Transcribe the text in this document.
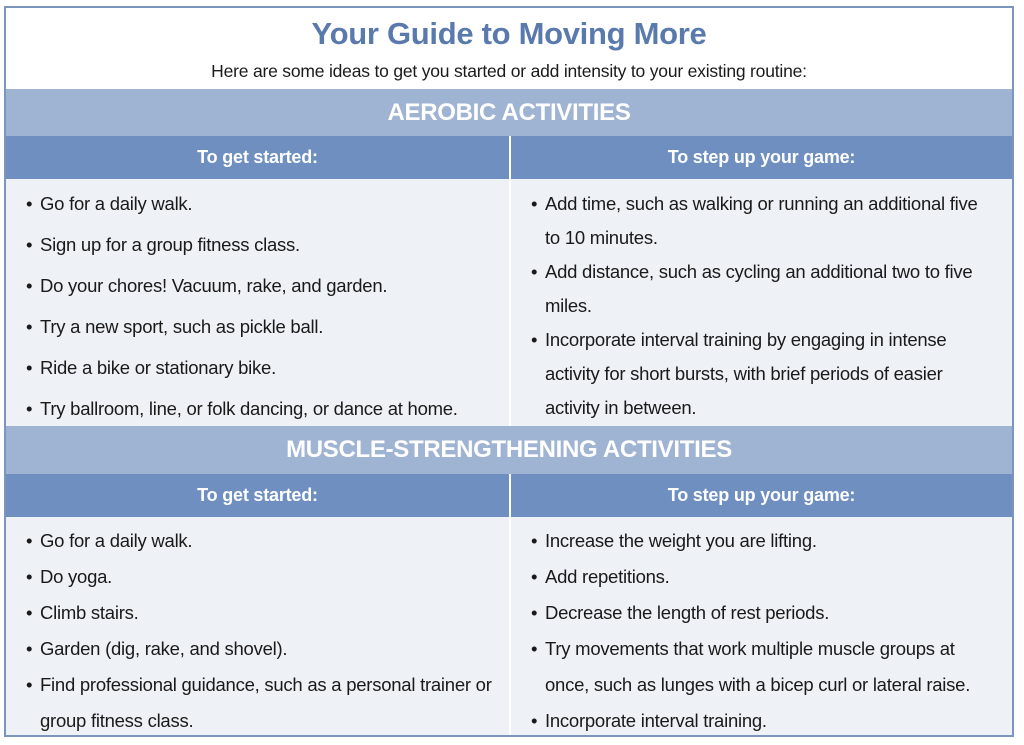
Your Guide to Moving More
Here are some ideas to get you started or add intensity to your existing routine:
AEROBIC ACTIVITIES
To get started:	To step up your game:
• Go for a daily walk.
• Sign up for a group fitness class.
• Do your chores! Vacuum, rake, and garden.
• Try a new sport, such as pickle ball.
• Ride a bike or stationary bike.
• Try ballroom, line, or folk dancing, or dance at home.
• Add time, such as walking or running an additional five to 10 minutes.
• Add distance, such as cycling an additional two to five miles.
• Incorporate interval training by engaging in intense activity for short bursts, with brief periods of easier activity in between.
MUSCLE-STRENGTHENING ACTIVITIES
To get started:	To step up your game:
• Go for a daily walk.
• Do yoga.
• Climb stairs.
• Garden (dig, rake, and shovel).
• Find professional guidance, such as a personal trainer or group fitness class.
• Increase the weight you are lifting.
• Add repetitions.
• Decrease the length of rest periods.
• Try movements that work multiple muscle groups at once, such as lunges with a bicep curl or lateral raise.
• Incorporate interval training.
